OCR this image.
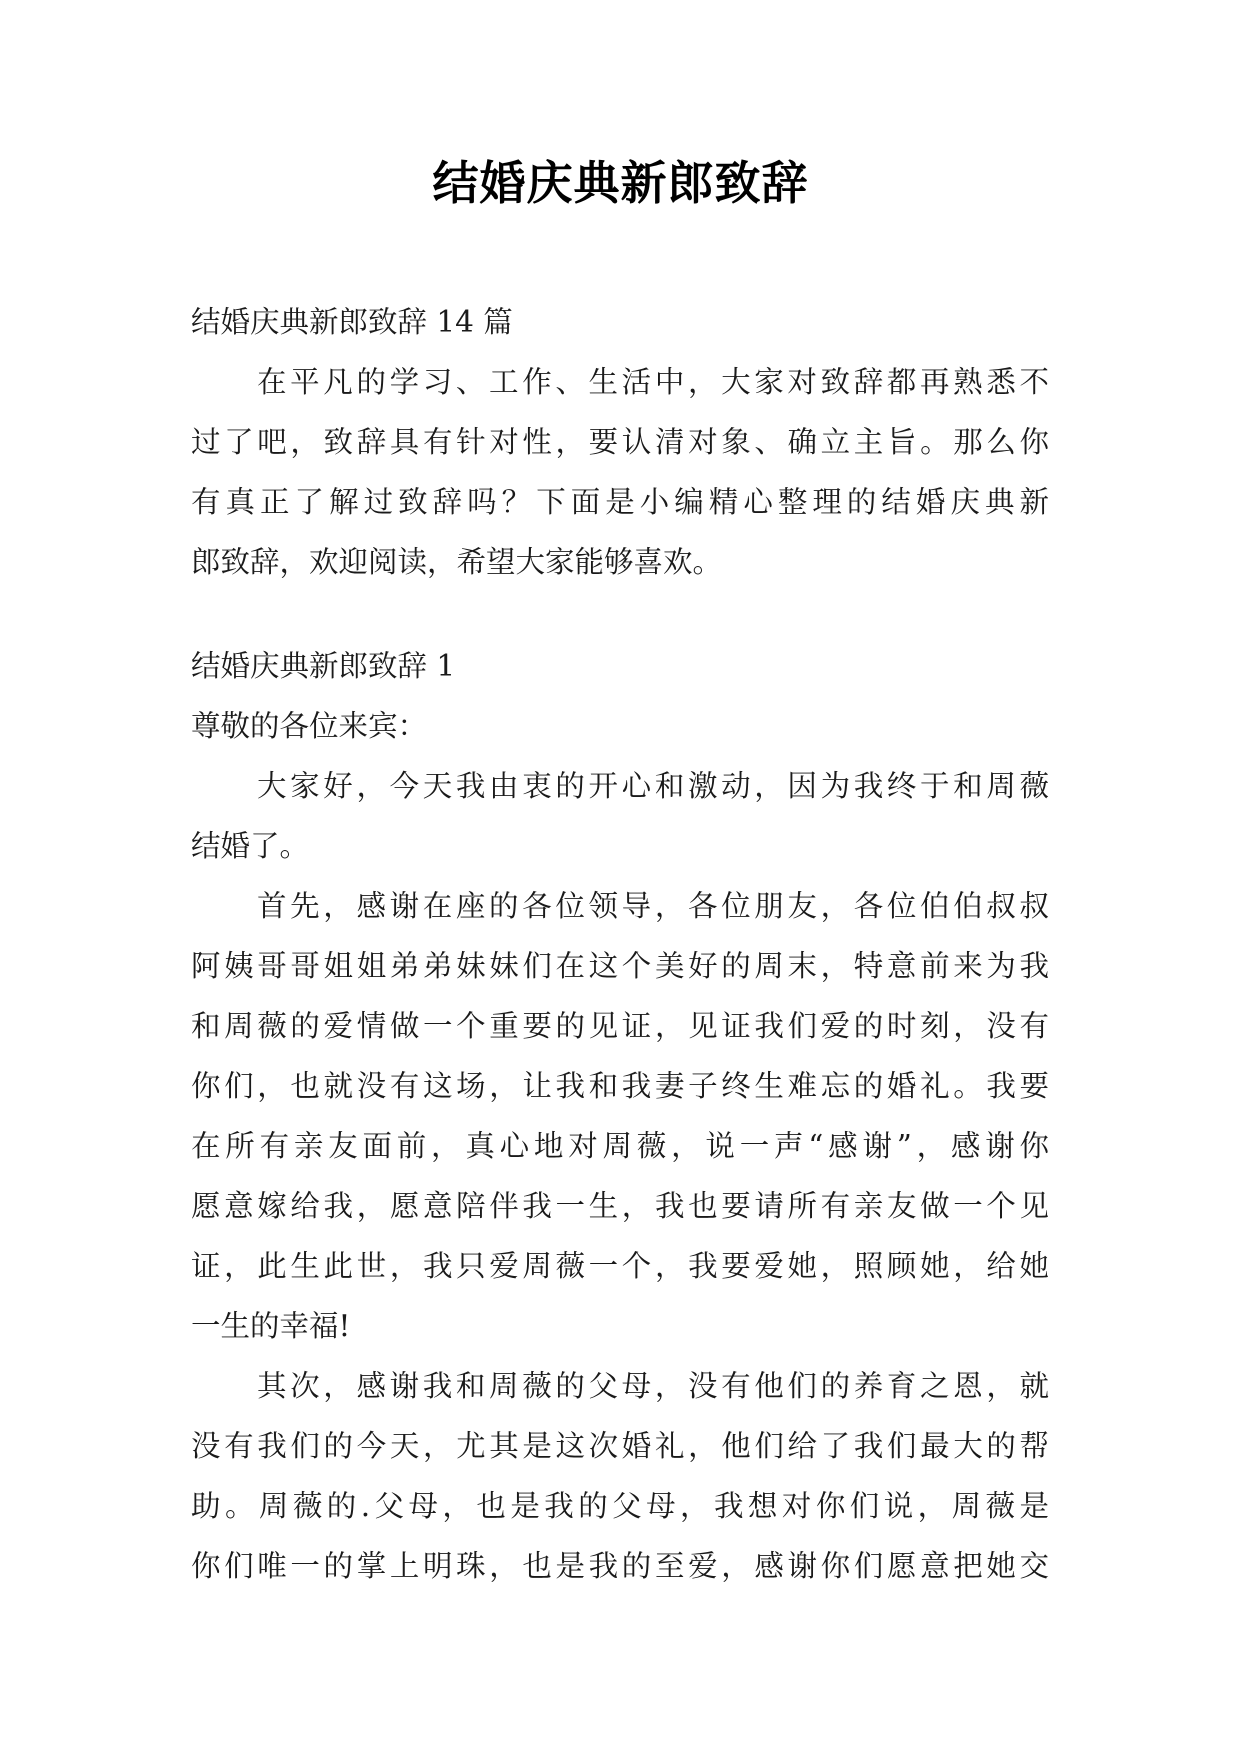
结婚庆典新郎致辞
结婚庆典新郎致辞 14 篇
在平凡的学习、工作、生活中，大家对致辞都再熟悉不
过了吧，致辞具有针对性，要认清对象、确立主旨。那么你
有真正了解过致辞吗？下面是小编精心整理的结婚庆典新
郎致辞，欢迎阅读，希望大家能够喜欢。
结婚庆典新郎致辞 1
尊敬的各位来宾：
大家好，今天我由衷的开心和激动，因为我终于和周薇
结婚了。
首先，感谢在座的各位领导，各位朋友，各位伯伯叔叔
阿姨哥哥姐姐弟弟妹妹们在这个美好的周末，特意前来为我
和周薇的爱情做一个重要的见证，见证我们爱的时刻，没有
你们，也就没有这场，让我和我妻子终生难忘的婚礼。我要
在所有亲友面前，真心地对周薇，说一声“感谢”，感谢你
愿意嫁给我，愿意陪伴我一生，我也要请所有亲友做一个见
证，此生此世，我只爱周薇一个，我要爱她，照顾她，给她
一生的幸福!
其次，感谢我和周薇的父母，没有他们的养育之恩，就
没有我们的今天，尤其是这次婚礼，他们给了我们最大的帮
助。周薇的.父母，也是我的父母，我想对你们说，周薇是
你们唯一的掌上明珠，也是我的至爱，感谢你们愿意把她交
